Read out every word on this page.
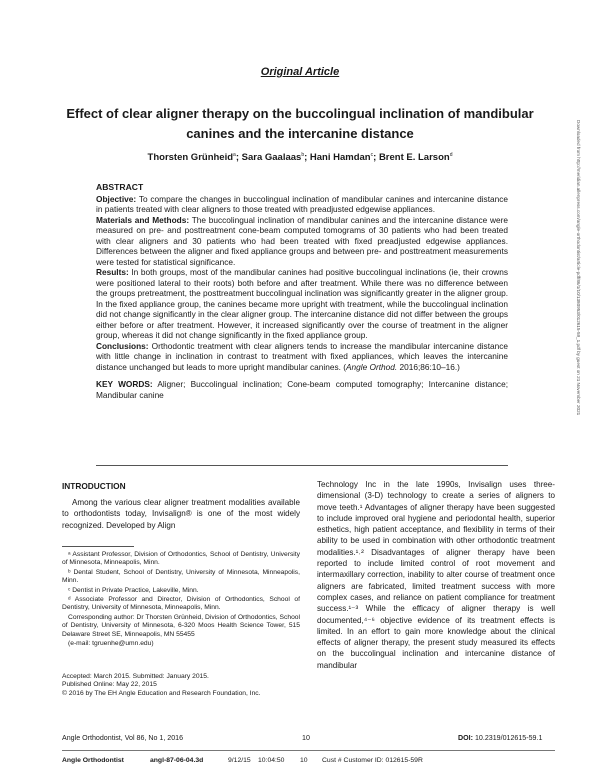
Original Article
Effect of clear aligner therapy on the buccolingual inclination of mandibular canines and the intercanine distance
Thorsten Grünheid$^a$; Sara Gaalaas$^b$; Hani Hamdan$^c$; Brent E. Larson$^d$
ABSTRACT

Objective: To compare the changes in buccolingual inclination of mandibular canines and intercanine distance in patients treated with clear aligners to those treated with preadjusted edgewise appliances.

Materials and Methods: The buccolingual inclination of mandibular canines and the intercanine distance were measured on pre- and posttreatment cone-beam computed tomograms of 30 patients who had been treated with clear aligners and 30 patients who had been treated with fixed preadjusted edgewise appliances. Differences between the aligner and fixed appliance groups and between pre- and posttreatment measurements were tested for statistical significance.

Results: In both groups, most of the mandibular canines had positive buccolingual inclinations (ie, their crowns were positioned lateral to their roots) both before and after treatment. While there was no difference between the groups pretreatment, the posttreatment buccolingual inclination was significantly greater in the aligner group. In the fixed appliance group, the canines became more upright with treatment, while the buccolingual inclination did not change significantly in the clear aligner group. The intercanine distance did not differ between the groups either before or after treatment. However, it increased significantly over the course of treatment in the aligner group, whereas it did not change significantly in the fixed appliance group.

Conclusions: Orthodontic treatment with clear aligners tends to increase the mandibular intercanine distance with little change in inclination in contrast to treatment with fixed appliances, which leaves the intercanine distance unchanged but leads to more upright mandibular canines. (Angle Orthod. 2016;86:10–16.)

KEY WORDS: Aligner; Buccolingual inclination; Cone-beam computed tomography; Intercanine distance; Mandibular canine

INTRODUCTION
Among the various clear aligner treatment modalities available to orthodontists today, Invisalign® is one of the most widely recognized. Developed by Align
Technology Inc in the late 1990s, Invisalign uses three-dimensional (3-D) technology to create a series of aligners to move teeth.¹ Advantages of aligner therapy have been suggested to include improved oral hygiene and periodontal health, superior esthetics, high patient acceptance, and flexibility in terms of their ability to be used in combination with other orthodontic treatment modalities.¹˒² Disadvantages of aligner therapy have been reported to include limited control of root movement and intermaxillary correction, inability to alter course of treatment once aligners are fabricated, limited treatment success with more complex cases, and reliance on patient compliance for treatment success.¹⁻³ While the efficacy of aligner therapy is well documented,⁴⁻⁶ objective evidence of its treatment effects is limited. In an effort to gain more knowledge about the clinical effects of aligner therapy, the present study measured its effects on the buccolingual inclination and intercanine distance of mandibular

ᵃ Assistant Professor, Division of Orthodontics, School of Dentistry, University of Minnesota, Minneapolis, Minn.

ᵇ Dental Student, School of Dentistry, University of Minnesota, Minneapolis, Minn.

ᶜ Dentist in Private Practice, Lakeville, Minn.

ᵈ Associate Professor and Director, Division of Orthodontics, School of Dentistry, University of Minnesota, Minneapolis, Minn.

Corresponding author: Dr Thorsten Grünheid, Division of Orthodontics, School of Dentistry, University of Minnesota, 6-320 Moos Health Science Tower, 515 Delaware Street SE, Minneapolis, MN 55455

(e-mail: tgruenhe@umn.edu)

Accepted: March 2015. Submitted: January 2015.

Published Online: May 22, 2015

© 2016 by The EH Angle Education and Research Foundation, Inc.

Angle Orthodontist, Vol 86, No 1, 2016	10	DOI: 10.2319/012615-59.1
Angle Orthodontist	angl-87-06-04.3d	9/12/15 10:04:50 10 Cust # Customer ID: 012615-59R
Downloaded from http://meridian.allenpress.com/angle-orthodontist/article-pdf/86/1/10/1380953/012615-59_1.pdf by guest on 21 November 2021
